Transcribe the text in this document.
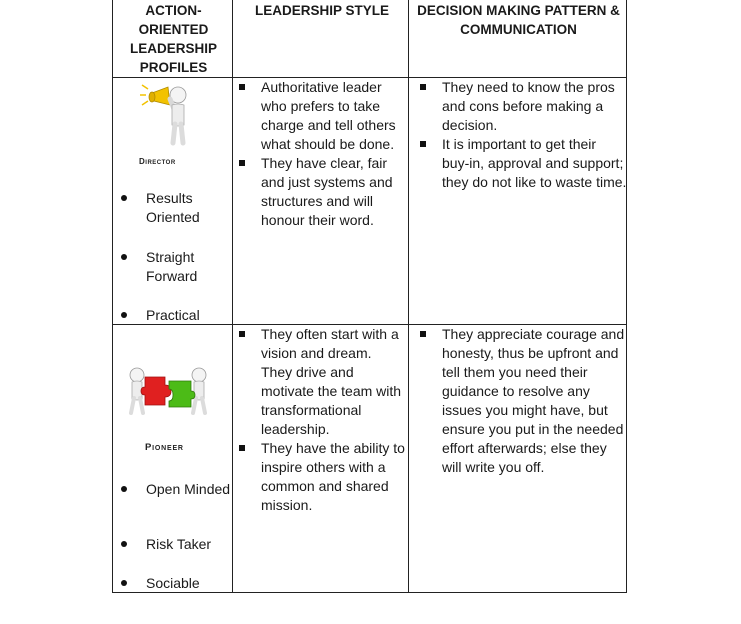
ACTION-ORIENTED LEADERSHIP PROFILES
LEADERSHIP STYLE	DECISION MAKING PATTERN & COMMUNICATION
Director
Results Oriented
Straight Forward
Practical
Authoritative leader who prefers to take charge and tell others what should be done.
They have clear, fair and just systems and structures and will honour their word.
They need to know the pros and cons before making a decision.
It is important to get their buy-in, approval and support; they do not like to waste time.
Pioneer
Open Minded
Risk Taker
Sociable
They often start with a vision and dream. They drive and motivate the team with transformational leadership.
They have the ability to inspire others with a common and shared mission.
They appreciate courage and honesty, thus be upfront and tell them you need their guidance to resolve any issues you might have, but ensure you put in the needed effort afterwards; else they will write you off.
